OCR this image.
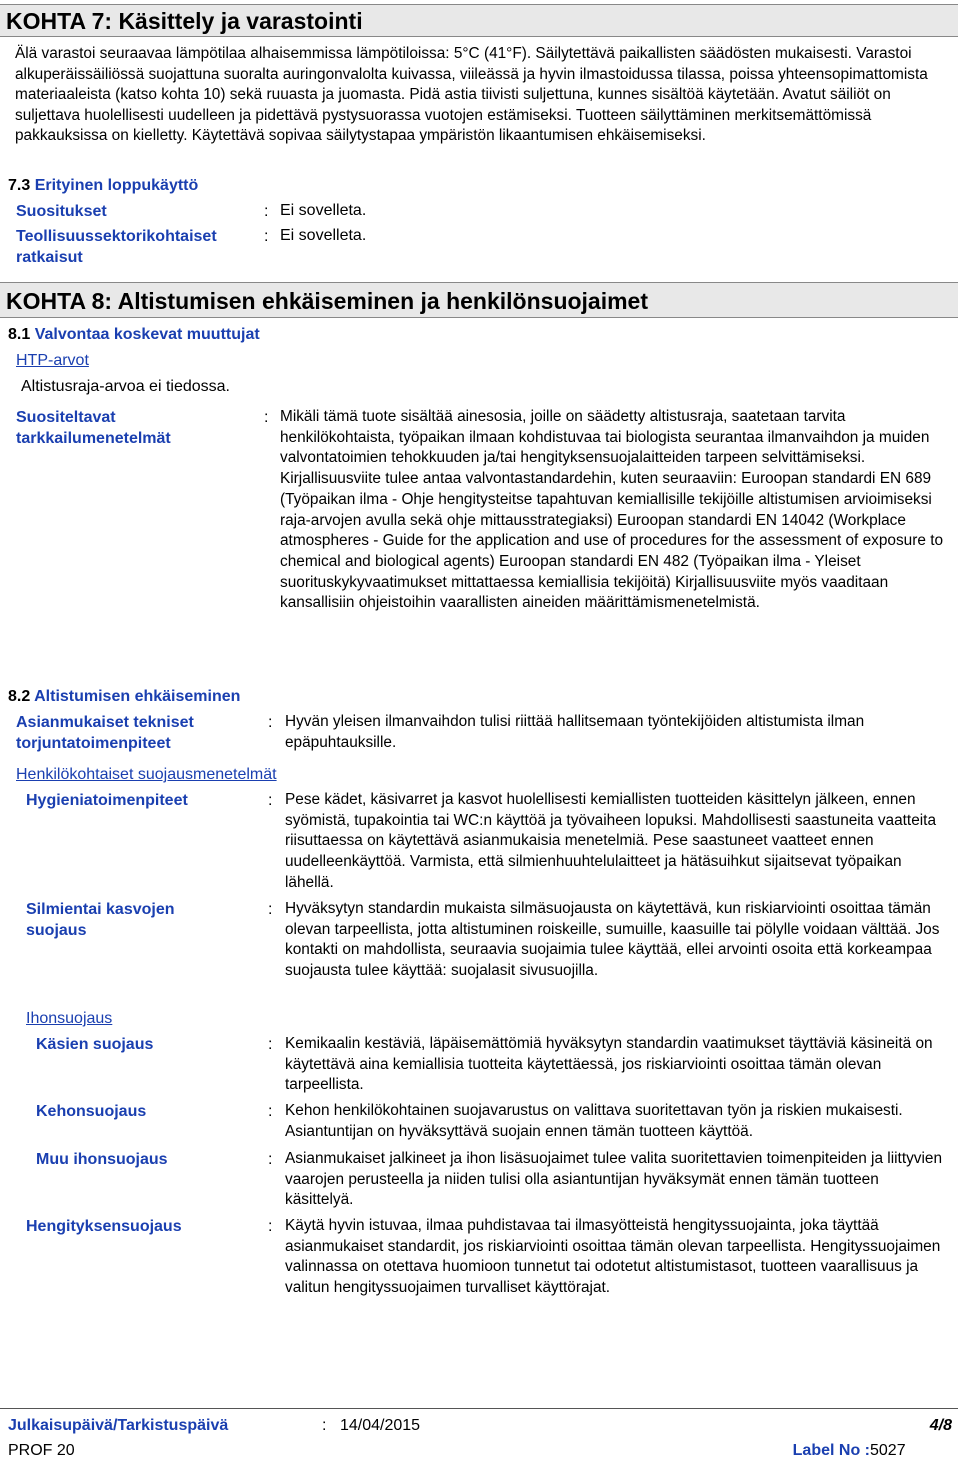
KOHTA 7: Käsittely ja varastointi
Älä varastoi seuraavaa lämpötilaa alhaisemmissa lämpötiloissa: 5°C (41°F). Säilytettävä paikallisten säädösten mukaisesti. Varastoi alkuperäissäiliössä suojattuna suoralta auringonvalolta kuivassa, viileässä ja hyvin ilmastoidussa tilassa, poissa yhteensopimattomista materiaaleista (katso kohta 10) sekä ruuasta ja juomasta. Pidä astia tiivisti suljettuna, kunnes sisältöä käytetään. Avatut säiliöt on suljettava huolellisesti uudelleen ja pidettävä pystysuorassa vuotojen estämiseksi. Tuotteen säilyttäminen merkitsemättömissä pakkauksissa on kielletty. Käytettävä sopivaa säilytystapaa ympäristön likaantumisen ehkäisemiseksi.
7.3 Erityinen loppukäyttö
Suositukset	: Ei sovelleta.
Teollisuussektorikohtaiset ratkaisut
: Ei sovelleta.
KOHTA 8: Altistumisen ehkäiseminen ja henkilönsuojaimet
8.1 Valvontaa koskevat muuttujat
HTP-arvot
Altistusraja-arvoa ei tiedossa.
Suositeltavat tarkkailumenetelmät
: Mikäli tämä tuote sisältää ainesosia, joille on säädetty altistusraja, saatetaan tarvita henkilökohtaista, työpaikan ilmaan kohdistuvaa tai biologista seurantaa ilmanvaihdon ja muiden valvontatoimien tehokkuuden ja/tai hengityksensuojalaitteiden tarpeen selvittämiseksi. Kirjallisuusviite tulee antaa valvontastandardehin, kuten seuraaviin: Euroopan standardi EN 689 (Työpaikan ilma - Ohje hengitysteitse tapahtuvan kemiallisille tekijöille altistumisen arvioimiseksi raja-arvojen avulla sekä ohje mittausstrategiaksi) Euroopan standardi EN 14042 (Workplace atmospheres - Guide for the application and use of procedures for the assessment of exposure to chemical and biological agents) Euroopan standardi EN 482 (Työpaikan ilma - Yleiset suorituskykyvaatimukset mittattaessa kemiallisia tekijöitä) Kirjallisuusviite myös vaaditaan kansallisiin ohjeistoihin vaarallisten aineiden määrittämismenetelmistä.
8.2 Altistumisen ehkäiseminen
Asianmukaiset tekniset torjuntatoimenpiteet
: Hyvän yleisen ilmanvaihdon tulisi riittää hallitsemaan työntekijöiden altistumista ilman epäpuhtauksille.
Henkilökohtaiset suojausmenetelmät
Hygieniatoimenpiteet	: Pese kädet, käsivarret ja kasvot huolellisesti kemiallisten tuotteiden käsittelyn jälkeen, ennen syömistä, tupakointia tai WC:n käyttöä ja työvaiheen lopuksi. Mahdollisesti saastuneita vaatteita riisuttaessa on käytettävä asianmukaisia menetelmiä. Pese saastuneet vaatteet ennen uudelleenkäyttöä. Varmista, että silmienhuuhtelulaitteet ja hätäsuihkut sijaitsevat työpaikan lähellä.
Silmientai kasvojen suojaus
: Hyväksytyn standardin mukaista silmäsuojausta on käytettävä, kun riskiarviointi osoittaa tämän olevan tarpeellista, jotta altistuminen roiskeille, sumuille, kaasuille tai pölylle voidaan välttää. Jos kontakti on mahdollista, seuraavia suojaimia tulee käyttää, ellei arvointi osoita että korkeampaa suojausta tulee käyttää: suojalasit sivusuojilla.
Ihonsuojaus
Käsien suojaus	: Kemikaalin kestäviä, läpäisemättömiä hyväksytyn standardin vaatimukset täyttäviä käsineitä on käytettävä aina kemiallisia tuotteita käytettäessä, jos riskiarviointi osoittaa tämän olevan tarpeellista.
Kehonsuojaus	: Kehon henkilökohtainen suojavarustus on valittava suoritettavan työn ja riskien mukaisesti. Asiantuntijan on hyväksyttävä suojain ennen tämän tuotteen käyttöä.
Muu ihonsuojaus	: Asianmukaiset jalkineet ja ihon lisäsuojaimet tulee valita suoritettavien toimenpiteiden ja liittyvien vaarojen perusteella ja niiden tulisi olla asiantuntijan hyväksymät ennen tämän tuotteen käsittelyä.
Hengityksensuojaus	: Käytä hyvin istuvaa, ilmaa puhdistavaa tai ilmasyötteistä hengityssuojainta, joka täyttää asianmukaiset standardit, jos riskiarviointi osoittaa tämän olevan tarpeellista. Hengityssuojaimen valinnassa on otettava huomioon tunnetut tai odotetut altistumistasot, tuotteen vaarallisuus ja valitun hengityssuojaimen turvalliset käyttörajat.
Julkaisupäivä/Tarkistuspäivä	: 14/04/2015	4/8
PROF 20	Label No : 5027
